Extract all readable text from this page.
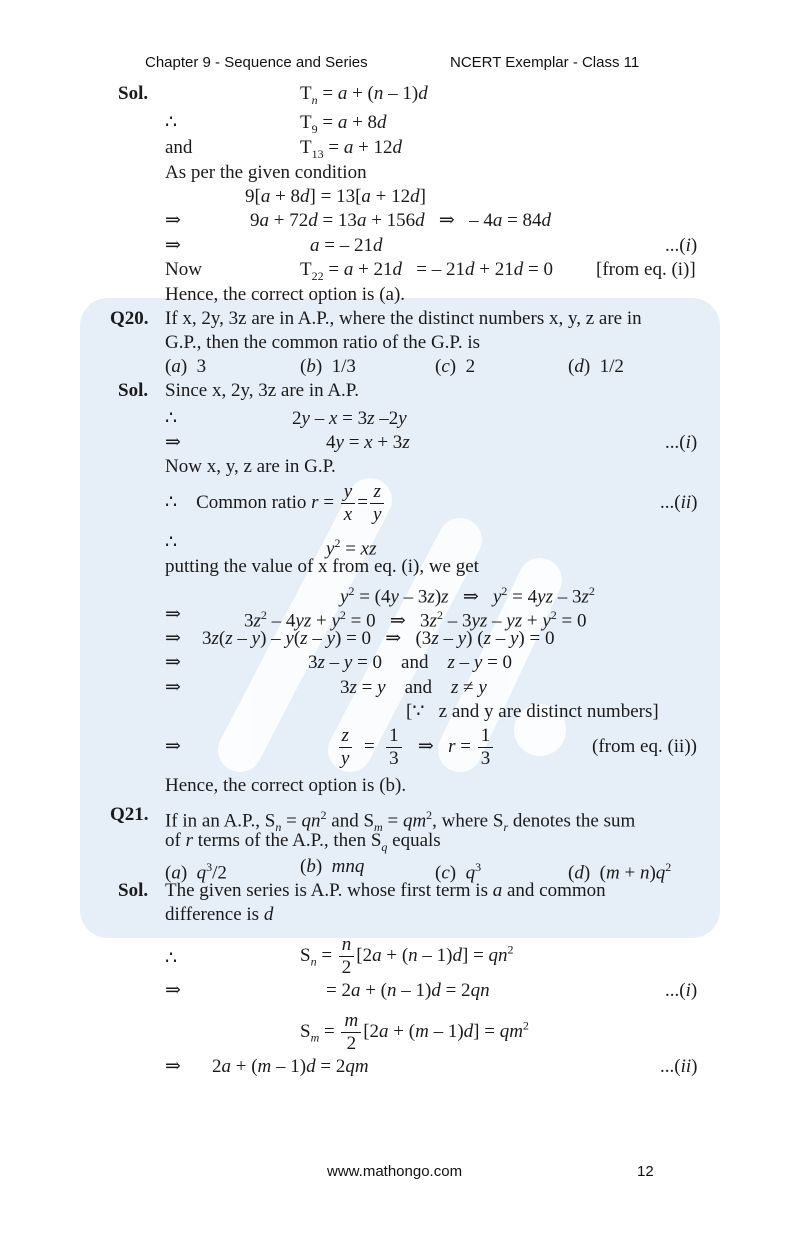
Chapter 9 - Sequence and Series	NCERT Exemplar - Class 11
Sol.	$T_n = a + (n - 1)d$
∴	$T_9 = a + 8d$
and	$T_{13} = a + 12d$
As per the given condition
9[a + 8d] = 13[a + 12d]
⇒	9a + 72d = 13a + 156d   ⇒   – 4a = 84d
⇒	a = – 21d	...(i)
Now	$T_{22} = a + 21d$   = – 21d + 21d = 0 [from eq. (i)]
Hence, the correct option is (a).
Q20. If x, 2y, 3z are in A.P., where the distinct numbers x, y, z are in
G.P., then the common ratio of the G.P. is
(a)  3	(b)  1/3	(c)  2	(d)  1/2
Sol. Since x, 2y, 3z are in A.P.
∴	2y – x = 3z –2y
⇒	4y = x + 3z	...(i)
Now x, y, z are in G.P.
∴    Common ratio $r = \frac{y}{x} = \frac{z}{y}$	...(ii)
∴	$y^2$ = xz
putting the value of x from eq. (i), we get
$y^2 = (4y - 3z)z$   ⇒   $y^2 = 4yz - 3z^2$
⇒	$3z^2 - 4yz + y^2 = 0$   ⇒   $3z^2 - 3yz$ – yz + $y^2 = 0$
⇒ 3z(z – y) – y(z – y) = 0   ⇒   (3z – y) (z – y) = 0
⇒	3z – y = 0    and    z – y = 0
⇒	3z = y    and    z ≠ y
[∵   z and y are distinct numbers]
⇒	$\frac{z}{y} = \frac{1}{3}$ ⇒   $r = \frac{1}{3}$	(from eq. (ii))
Hence, the correct option is (b).
Q21. If in an A.P., $S_n = qn^2$ and $S_m = qm^2$, where $S_r$ denotes the sum
of r terms of the A.P., then $S_q$ equals
(a)  $q^3/2$	(b)  mnq	(c)  $q^3$	(d)  $(m + n)q^2$
Sol. The given series is A.P. whose first term is a and common
difference is d
∴	$S_n = \frac{n}{2} [2a + (n - 1)d] = qn^2$
⇒	= 2a + (n – 1)d = 2qn	...(i)
$S_m = \frac{m}{2} [2a + (m - 1)d] = qm^2$
⇒ 2a + (m – 1)d = 2qm	...(ii)
www.mathongo.com	12
